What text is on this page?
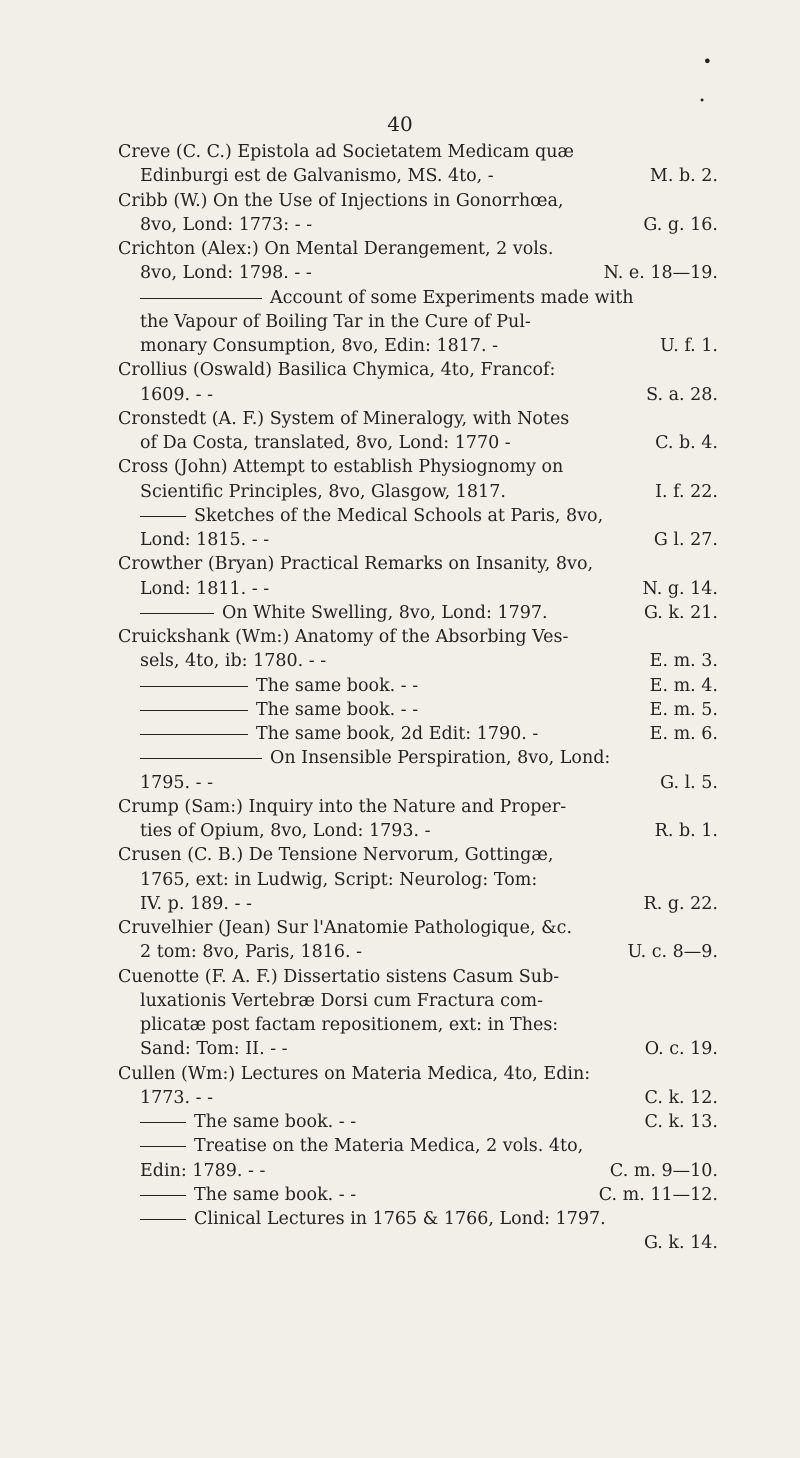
•
•
40
Creve (C. C.) Epistola ad Societatem Medicam quæ
Edinburgi est de Galvanismo, MS. 4to, -	M. b. 2.
Cribb (W.) On the Use of Injections in Gonorrhœa,
8vo, Lond: 1773: - -	G. g. 16.
Crichton (Alex:) On Mental Derangement, 2 vols.
8vo, Lond: 1798. - -	N. e. 18—19.
Account of some Experiments made with
the Vapour of Boiling Tar in the Cure of Pul-
monary Consumption, 8vo, Edin: 1817. -	U. f. 1.
Crollius (Oswald) Basilica Chymica, 4to, Francof:
1609. - -	S. a. 28.
Cronstedt (A. F.) System of Mineralogy, with Notes
of Da Costa, translated, 8vo, Lond: 1770 -	C. b. 4.
Cross (John) Attempt to establish Physiognomy on
Scientific Principles, 8vo, Glasgow, 1817.	I. f. 22.
Sketches of the Medical Schools at Paris, 8vo,
Lond: 1815. - -	G l. 27.
Crowther (Bryan) Practical Remarks on Insanity, 8vo,
Lond: 1811. - -	N. g. 14.
On White Swelling, 8vo, Lond: 1797.	G. k. 21.
Cruickshank (Wm:) Anatomy of the Absorbing Ves-
sels, 4to, ib: 1780. - -	E. m. 3.
The same book. - -	E. m. 4.
The same book. - -	E. m. 5.
The same book, 2d Edit: 1790. -	E. m. 6.
On Insensible Perspiration, 8vo, Lond:
1795. - -	G. l. 5.
Crump (Sam:) Inquiry into the Nature and Proper-
ties of Opium, 8vo, Lond: 1793. -	R. b. 1.
Crusen (C. B.) De Tensione Nervorum, Gottingæ,
1765, ext: in Ludwig, Script: Neurolog: Tom:
IV. p. 189. - -	R. g. 22.
Cruvelhier (Jean) Sur l'Anatomie Pathologique, &c.
2 tom: 8vo, Paris, 1816. -	U. c. 8—9.
Cuenotte (F. A. F.) Dissertatio sistens Casum Sub-
luxationis Vertebræ Dorsi cum Fractura com-
plicatæ post factam repositionem, ext: in Thes:
Sand: Tom: II. - -	O. c. 19.
Cullen (Wm:) Lectures on Materia Medica, 4to, Edin:
1773. - -	C. k. 12.
The same book. - -	C. k. 13.
Treatise on the Materia Medica, 2 vols. 4to,
Edin: 1789. - -	C. m. 9—10.
The same book. - -	C. m. 11—12.
Clinical Lectures in 1765 & 1766, Lond: 1797.
G. k. 14.
